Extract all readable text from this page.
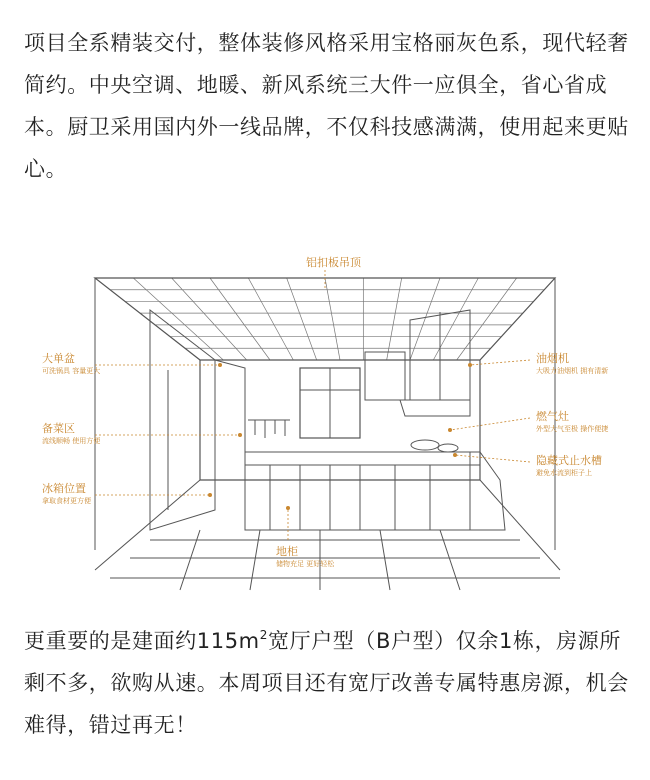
项目全系精装交付，整体装修风格采用宝格丽灰色系，现代轻奢简约。中央空调、地暖、新风系统三大件一应俱全，省心省成本。厨卫采用国内外一线品牌，不仅科技感满满，使用起来更贴心。

铝扣板吊顶
大单盆
可洗锅具 容量更大
备菜区
流线顺畅 使用方便
冰箱位置
拿取食材更方便
地柜
储物充足 更好轻松
油烟机
大吸力油烟机 拥有清新
燃气灶
外型大气至极 操作便捷
隐藏式止水槽
避免水流到柜子上

更重要的是建面约$115m^2$宽厅户型（B户型）仅余1栋，房源所剩不多，欲购从速。本周项目还有宽厅改善专属特惠房源，机会难得，错过再无！
